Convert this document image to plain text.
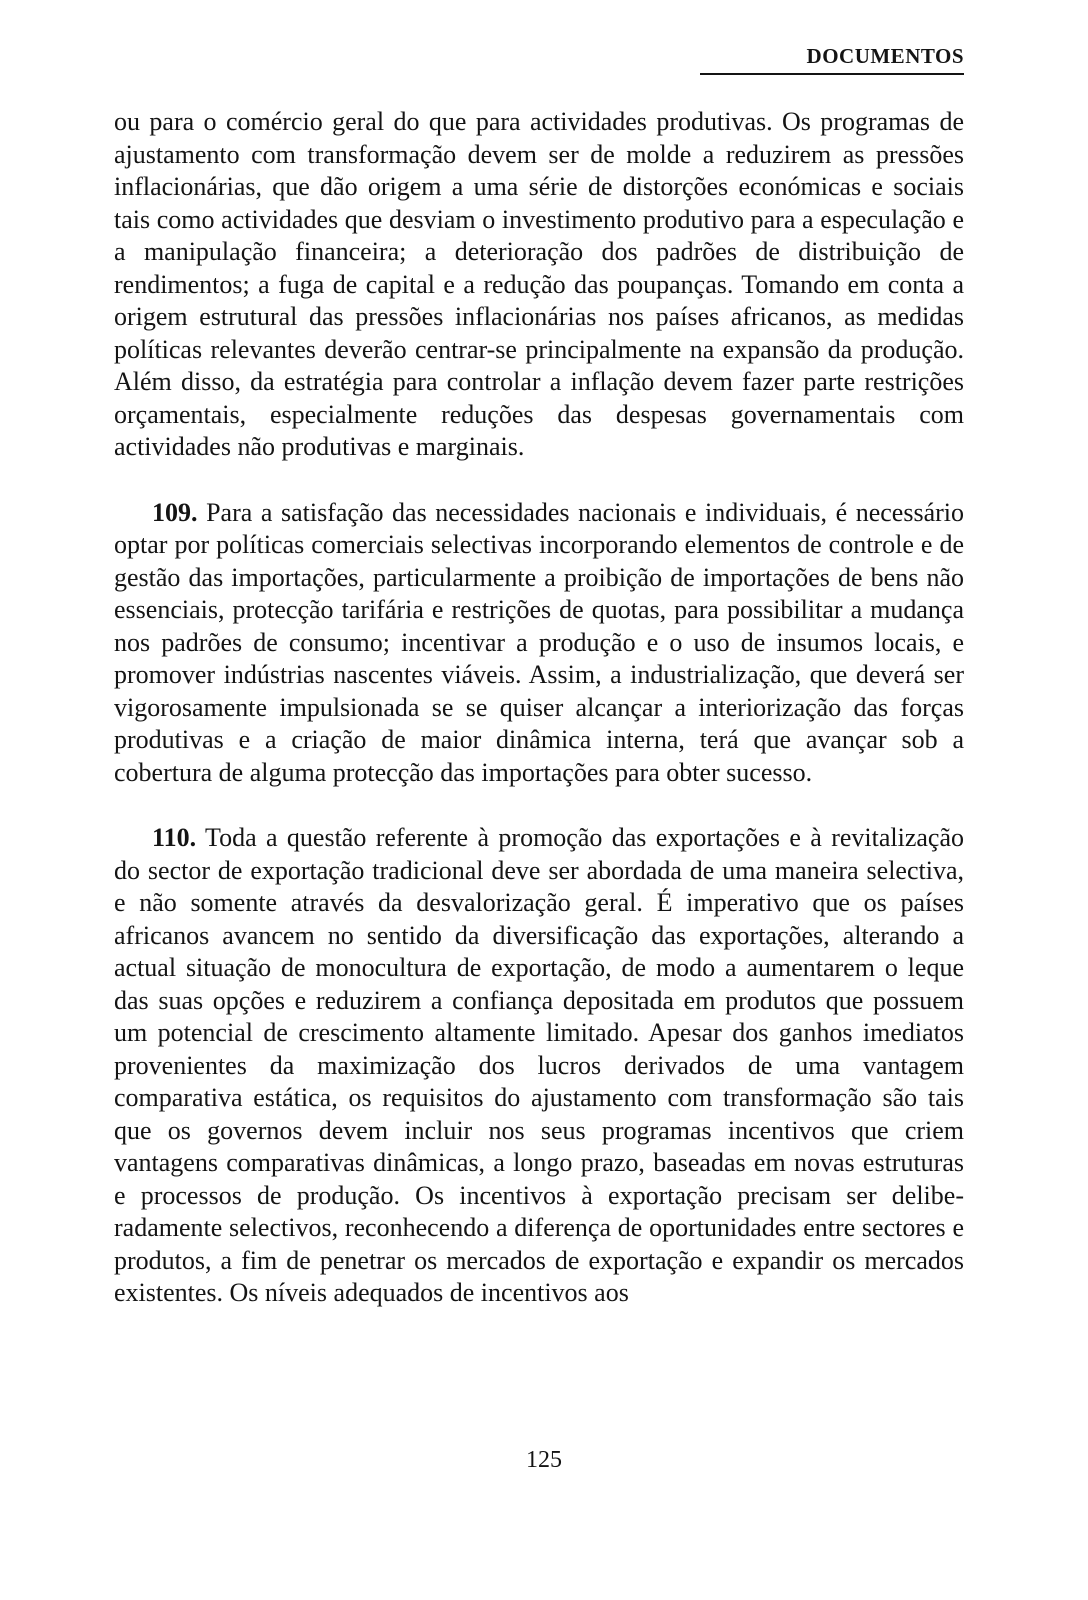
DOCUMENTOS

ou para o comércio geral do que para actividades produtivas. Os programas de ajustamento com transformação devem ser de molde a reduzirem as pressões inflacionárias, que dão origem a uma série de distorções económicas e sociais tais como actividades que desviam o investimento produtivo para a especulação e a manipulação financeira; a deterioração dos padrões de distribuição de rendimentos; a fuga de capital e a redução das poupanças. Tomando em conta a origem estrutural das pressões inflacionárias nos países africanos, as medidas políticas relevantes deverão centrar-se principalmente na expansão da produção. Além disso, da estratégia para controlar a inflação devem fazer parte restrições orçamentais, especialmente reduções das despesas governamentais com actividades não produtivas e marginais.

109. Para a satisfação das necessidades nacionais e individuais, é necessário optar por políticas comerciais selectivas incorporando elementos de controle e de gestão das importações, particularmente a proibição de importações de bens não essenciais, protecção tarifária e restrições de quotas, para possibilitar a mudança nos padrões de consumo; incentivar a produção e o uso de insumos locais, e promover indústrias nascentes viáveis. Assim, a industrialização, que deverá ser vigorosamente impulsionada se se quiser alcançar a interiorização das forças produtivas e a criação de maior dinâmica interna, terá que avançar sob a cobertura de alguma protecção das importações para obter sucesso.

110. Toda a questão referente à promoção das exportações e à revitalização do sector de exportação tradicional deve ser abordada de uma maneira selectiva, e não somente através da desvalorização geral. É imperativo que os países africanos avancem no sentido da diversificação das exportações, alterando a actual situação de monocultura de exportação, de modo a aumentarem o leque das suas opções e reduzirem a confiança depositada em produtos que possuem um potencial de crescimento altamente limitado. Apesar dos ganhos imediatos provenientes da maximização dos lucros derivados de uma vantagem comparativa estática, os requisitos do ajustamento com transformação são tais que os governos devem incluir nos seus programas incentivos que criem vantagens comparativas dinâmicas, a longo prazo, baseadas em novas estruturas e processos de produção. Os incentivos à exportação precisam ser deliberadamente selectivos, reconhecendo a diferença de oportunidades entre sectores e produtos, a fim de penetrar os mercados de exportação e expandir os mercados existentes. Os níveis adequados de incentivos aos

125
